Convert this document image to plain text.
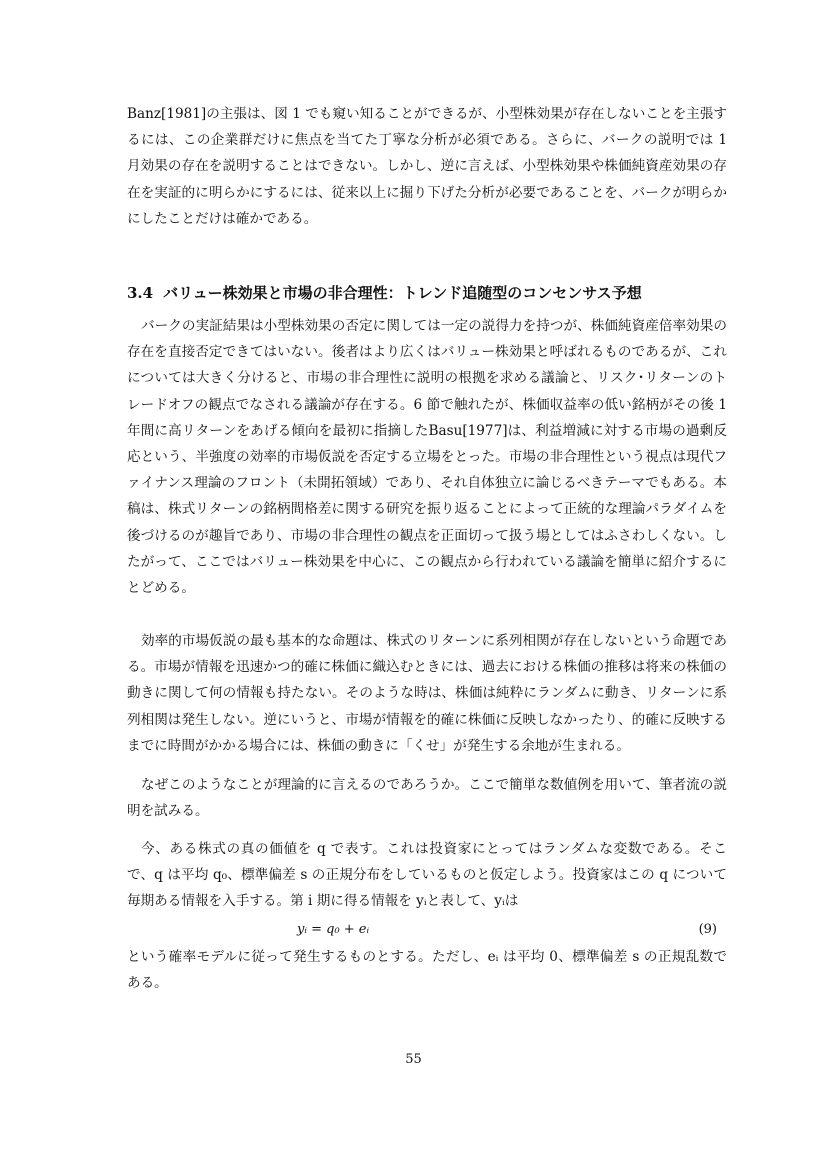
Banz[1981]の主張は、図 1 でも窺い知ることができるが、小型株効果が存在しないことを主張するには、この企業群だけに焦点を当てた丁寧な分析が必須である。さらに、バークの説明では 1 月効果の存在を説明することはできない。しかし、逆に言えば、小型株効果や株価純資産効果の存在を実証的に明らかにするには、従来以上に掘り下げた分析が必要であることを、バークが明らかにしたことだけは確かである。

3.4 バリュー株効果と市場の非合理性：トレンド追随型のコンセンサス予想

バークの実証結果は小型株効果の否定に関しては一定の説得力を持つが、株価純資産倍率効果の存在を直接否定できてはいない。後者はより広くはバリュー株効果と呼ばれるものであるが、これについては大きく分けると、市場の非合理性に説明の根拠を求める議論と、リスク･リターンのトレードオフの観点でなされる議論が存在する。6 節で触れたが、株価収益率の低い銘柄がその後 1 年間に高リターンをあげる傾向を最初に指摘したBasu[1977]は、利益増減に対する市場の過剰反応という、半強度の効率的市場仮説を否定する立場をとった。市場の非合理性という視点は現代ファイナンス理論のフロント（未開拓領域）であり、それ自体独立に論じるべきテーマでもある。本稿は、株式リターンの銘柄間格差に関する研究を振り返ることによって正統的な理論パラダイムを後づけるのが趣旨であり、市場の非合理性の観点を正面切って扱う場としてはふさわしくない。したがって、ここではバリュー株効果を中心に、この観点から行われている議論を簡単に紹介するにとどめる。

効率的市場仮説の最も基本的な命題は、株式のリターンに系列相関が存在しないという命題である。市場が情報を迅速かつ的確に株価に織込むときには、過去における株価の推移は将来の株価の動きに関して何の情報も持たない。そのような時は、株価は純粋にランダムに動き、リターンに系列相関は発生しない。逆にいうと、市場が情報を的確に株価に反映しなかったり、的確に反映するまでに時間がかかる場合には、株価の動きに「くせ」が発生する余地が生まれる。

なぜこのようなことが理論的に言えるのであろうか。ここで簡単な数値例を用いて、筆者流の説明を試みる。

今、ある株式の真の価値を q で表す。これは投資家にとってはランダムな変数である。そこで、q は平均 q₀、標準偏差 s の正規分布をしているものと仮定しよう。投資家はこの q について毎期ある情報を入手する。第 i 期に得る情報を yᵢと表して、yᵢは

yᵢ = q₀ + eᵢ	(9)

という確率モデルに従って発生するものとする。ただし、eᵢ は平均 0、標準偏差 s の正規乱数である。

55
